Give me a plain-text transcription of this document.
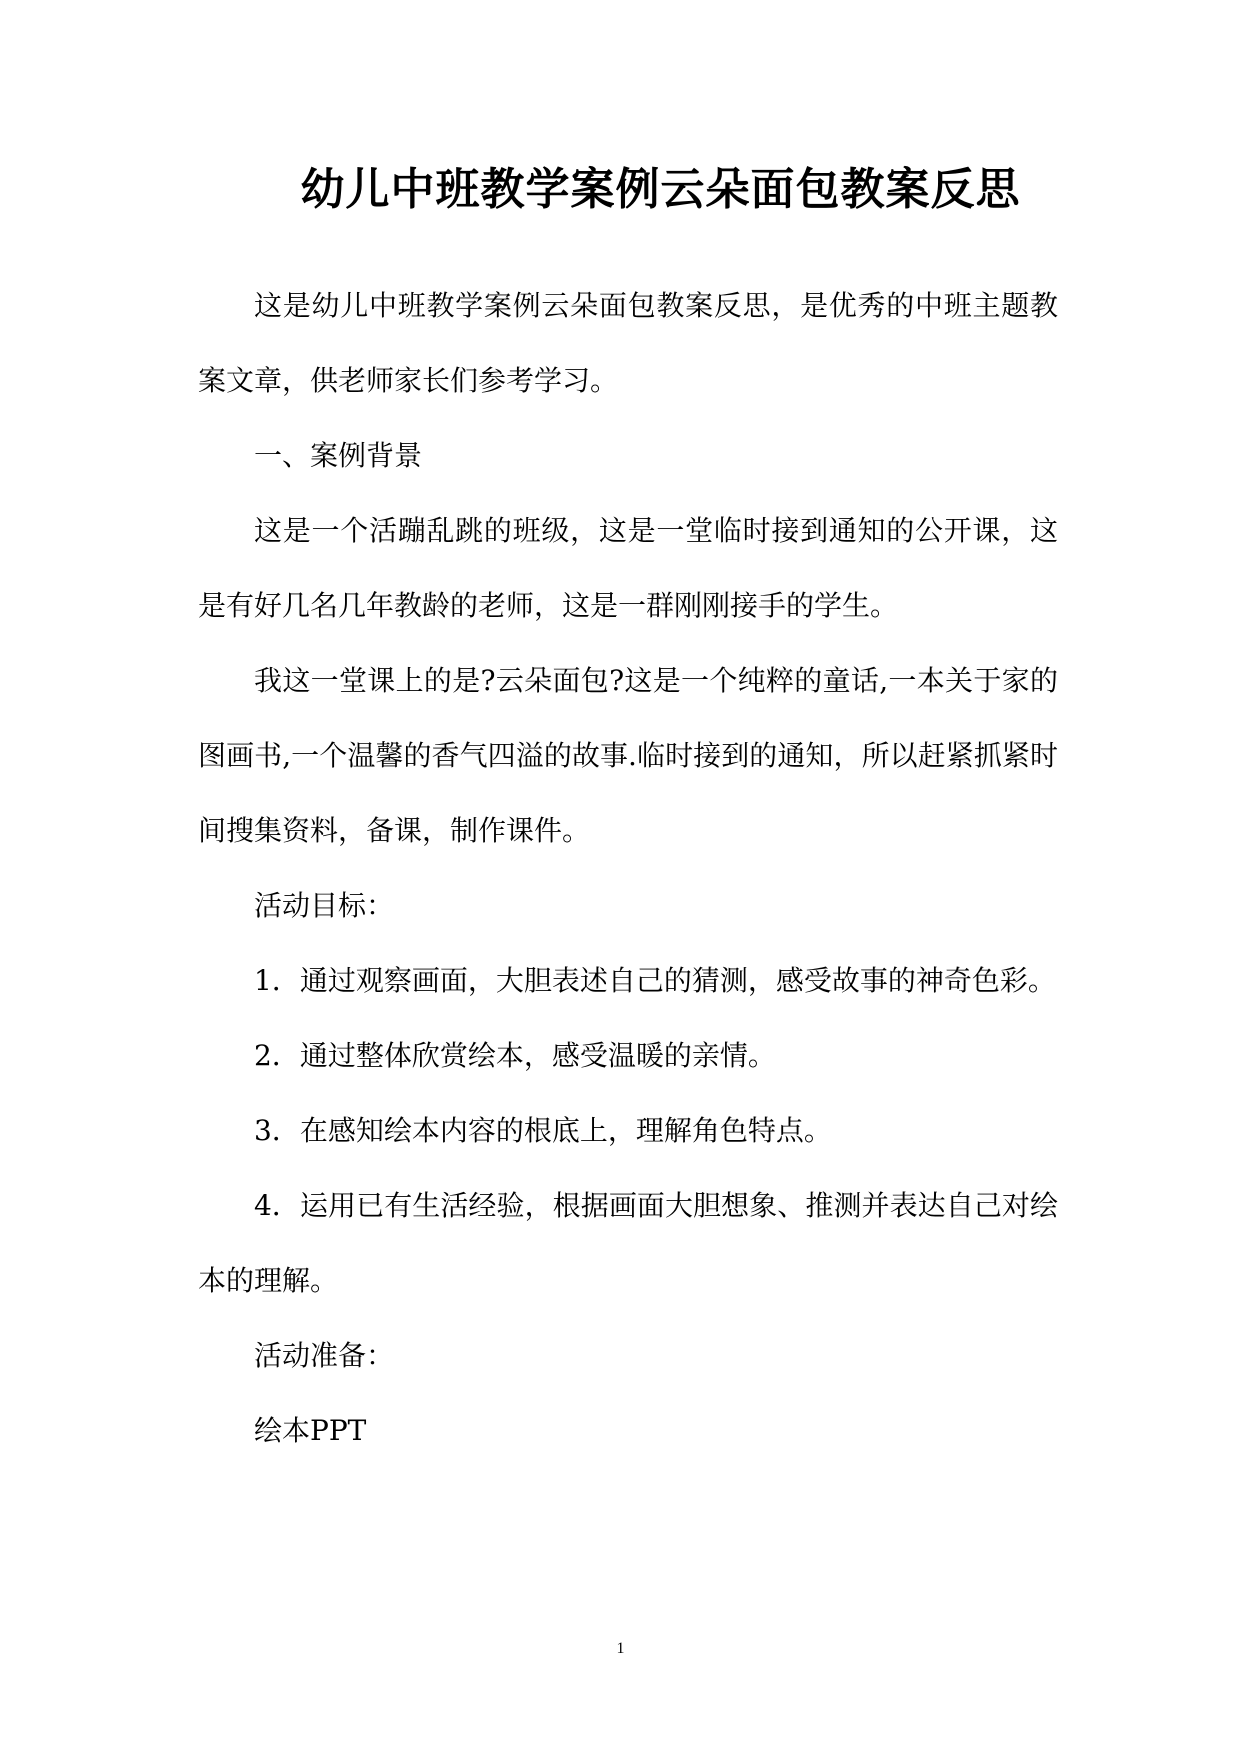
幼儿中班教学案例云朵面包教案反思

这是幼儿中班教学案例云朵面包教案反思，是优秀的中班主题教案文章，供老师家长们参考学习。

一、案例背景

这是一个活蹦乱跳的班级，这是一堂临时接到通知的公开课，这是有好几名几年教龄的老师，这是一群刚刚接手的学生。

我这一堂课上的是?云朵面包?这是一个纯粹的童话,一本关于家的图画书,一个温馨的香气四溢的故事.临时接到的通知，所以赶紧抓紧时间搜集资料，备课，制作课件。

活动目标：

1．通过观察画面，大胆表述自己的猜测，感受故事的神奇色彩。

2．通过整体欣赏绘本，感受温暖的亲情。

3．在感知绘本内容的根底上，理解角色特点。

4．运用已有生活经验，根据画面大胆想象、推测并表达自己对绘本的理解。

活动准备：

绘本PPT

1
